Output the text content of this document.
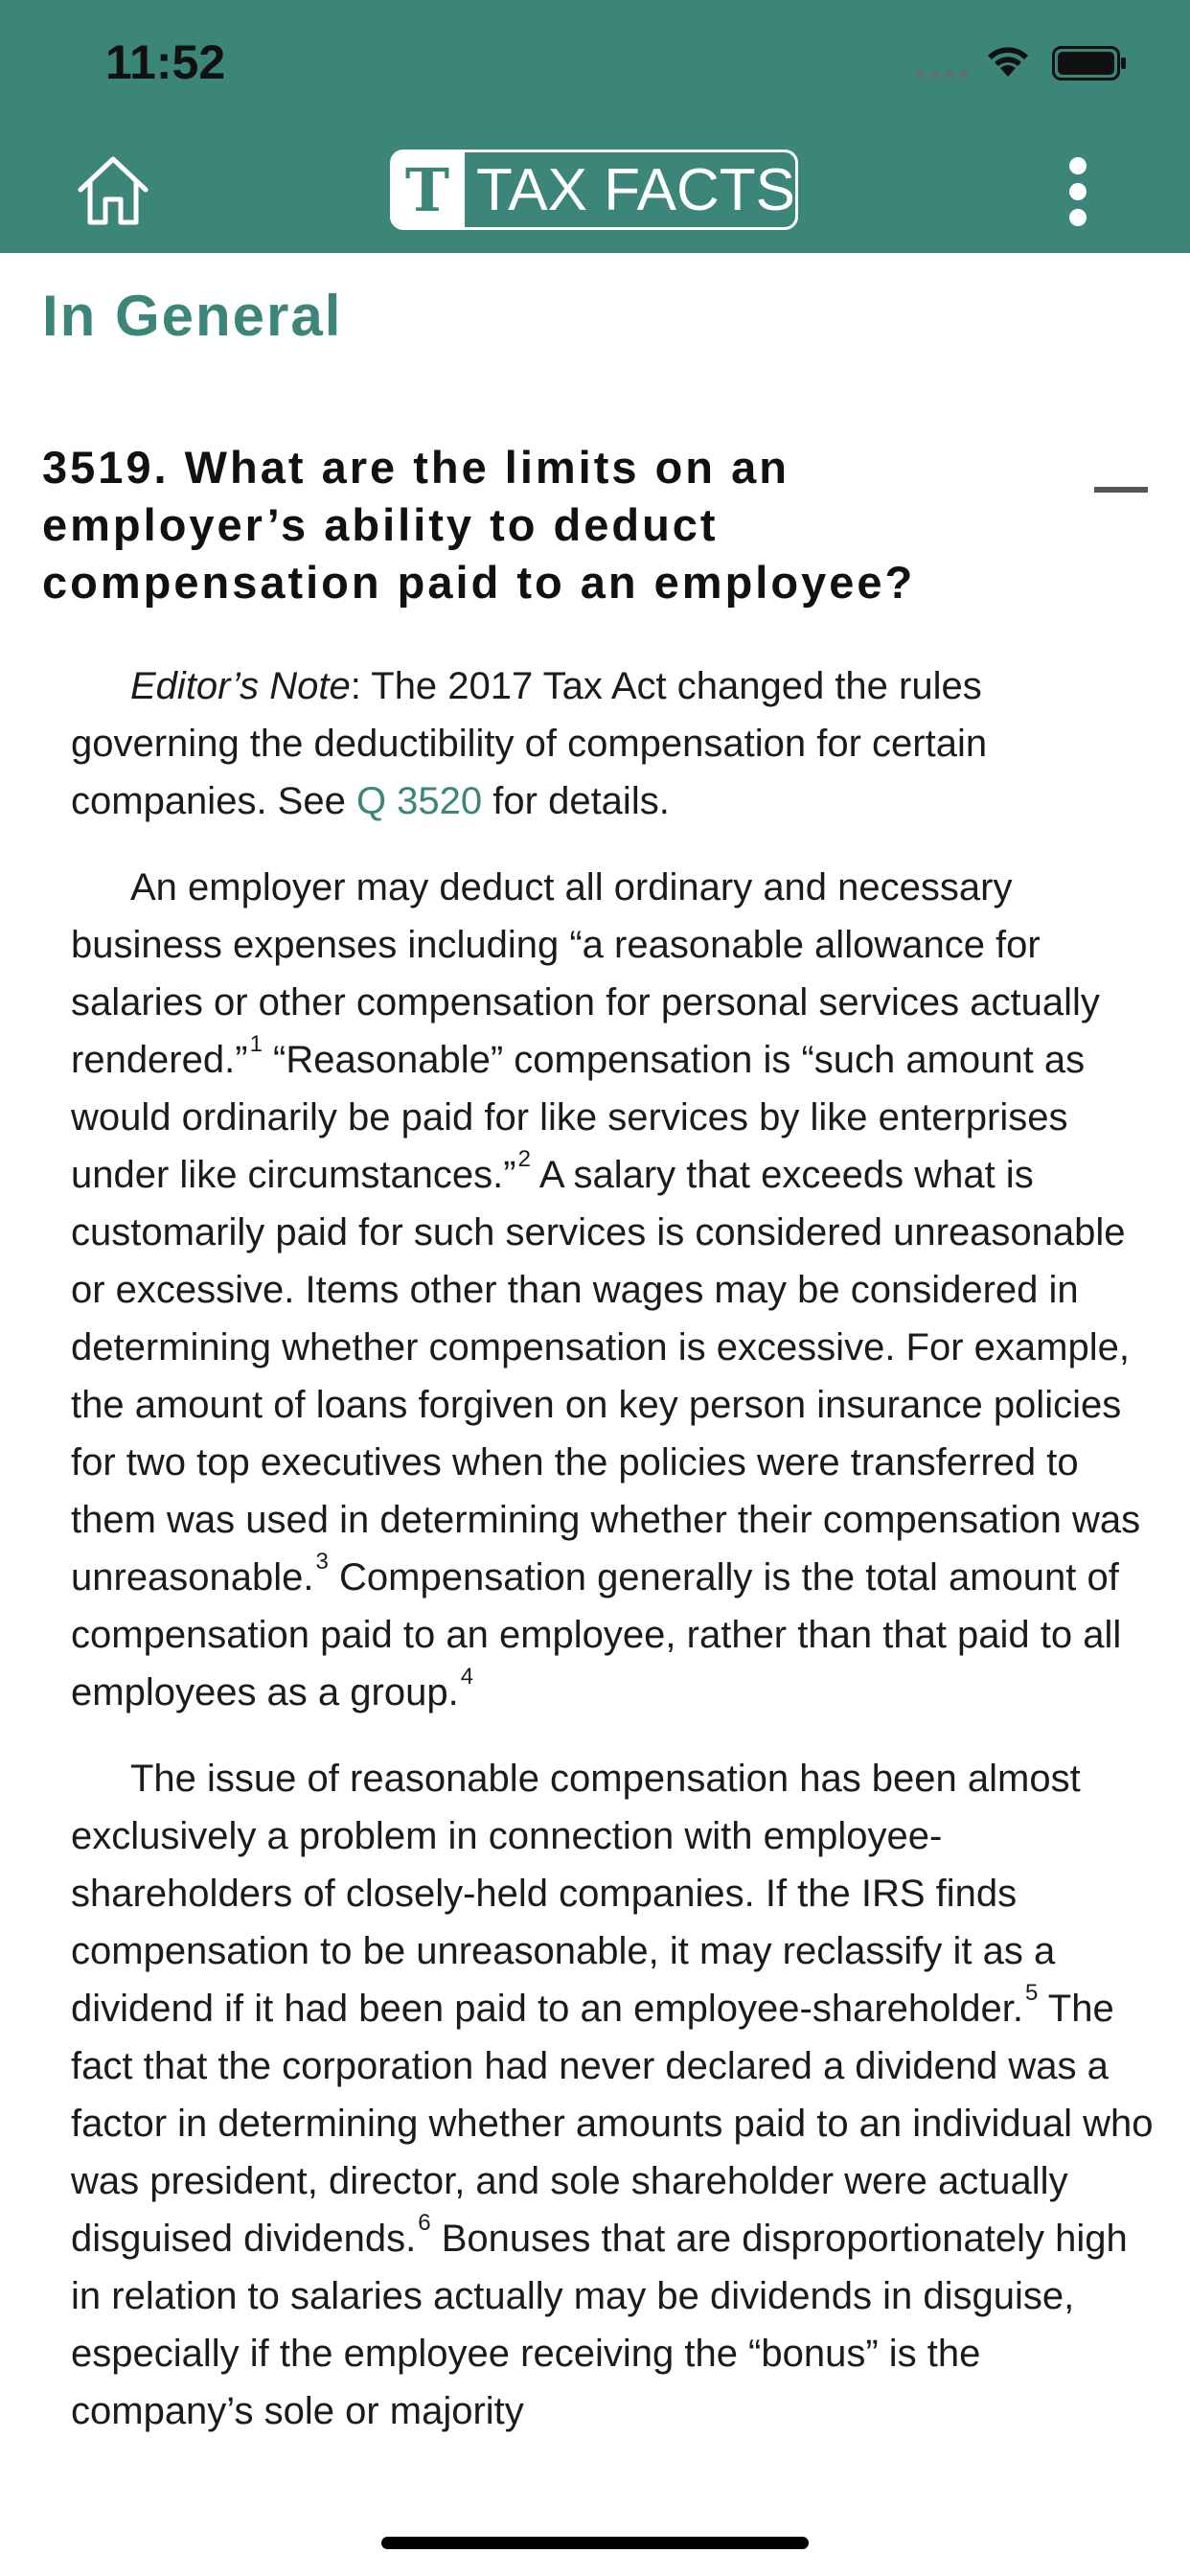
11:52
T TAX FACTS
In General
3519. What are the limits on an employer’s ability to deduct compensation paid to an employee?

Editor’s Note: The 2017 Tax Act changed the rules governing the deductibility of compensation for certain companies. See Q 3520 for details.

An employer may deduct all ordinary and necessary business expenses including “a reasonable allowance for salaries or other compensation for personal services actually rendered.”$^1$ “Reasonable” compensation is “such amount as would ordinarily be paid for like services by like enterprises under like circumstances.”$^2$ A salary that exceeds what is customarily paid for such services is considered unreasonable or excessive. Items other than wages may be considered in determining whether compensation is excessive. For example, the amount of loans forgiven on key person insurance policies for two top executives when the policies were transferred to them was used in determining whether their compensation was unreasonable.$^3$ Compensation generally is the total amount of compensation paid to an employee, rather than that paid to all employees as a group.$^4$

The issue of reasonable compensation has been almost exclusively a problem in connection with employee-shareholders of closely-held companies. If the IRS finds compensation to be unreasonable, it may reclassify it as a dividend if it had been paid to an employee-shareholder.$^5$ The fact that the corporation had never declared a dividend was a factor in determining whether amounts paid to an individual who was president, director, and sole shareholder were actually disguised dividends.$^6$ Bonuses that are disproportionately high in relation to salaries actually may be dividends in disguise, especially if the employee receiving the “bonus” is the company’s sole or majority
